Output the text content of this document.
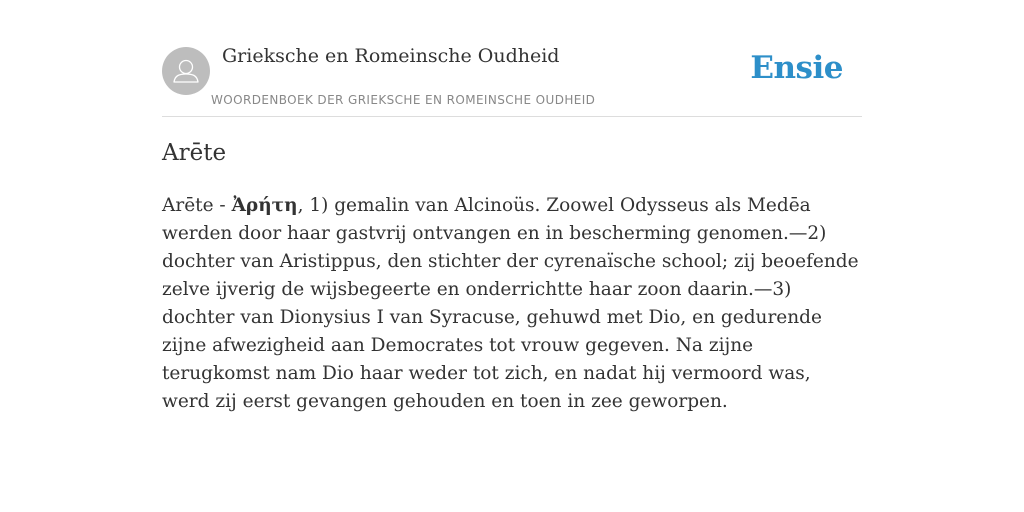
Grieksche en Romeinsche Oudheid
WOORDENBOEK DER GRIEKSCHE EN ROMEINSCHE OUDHEID
Ensie
Arēte

Arēte - Ἀρήτη, 1) gemalin van Alcinoüs. Zoowel Odysseus als Medēa werden door haar gastvrij ontvangen en in bescherming genomen.—2) dochter van Aristippus, den stichter der cyrenaïsche school; zij beoefende zelve ijverig de wijsbegeerte en onderrichtte haar zoon daarin.—3) dochter van Dionysius I van Syracuse, gehuwd met Dio, en gedurende zijne afwezigheid aan Democrates tot vrouw gegeven. Na zijne terugkomst nam Dio haar weder tot zich, en nadat hij vermoord was, werd zij eerst gevangen gehouden en toen in zee geworpen.
